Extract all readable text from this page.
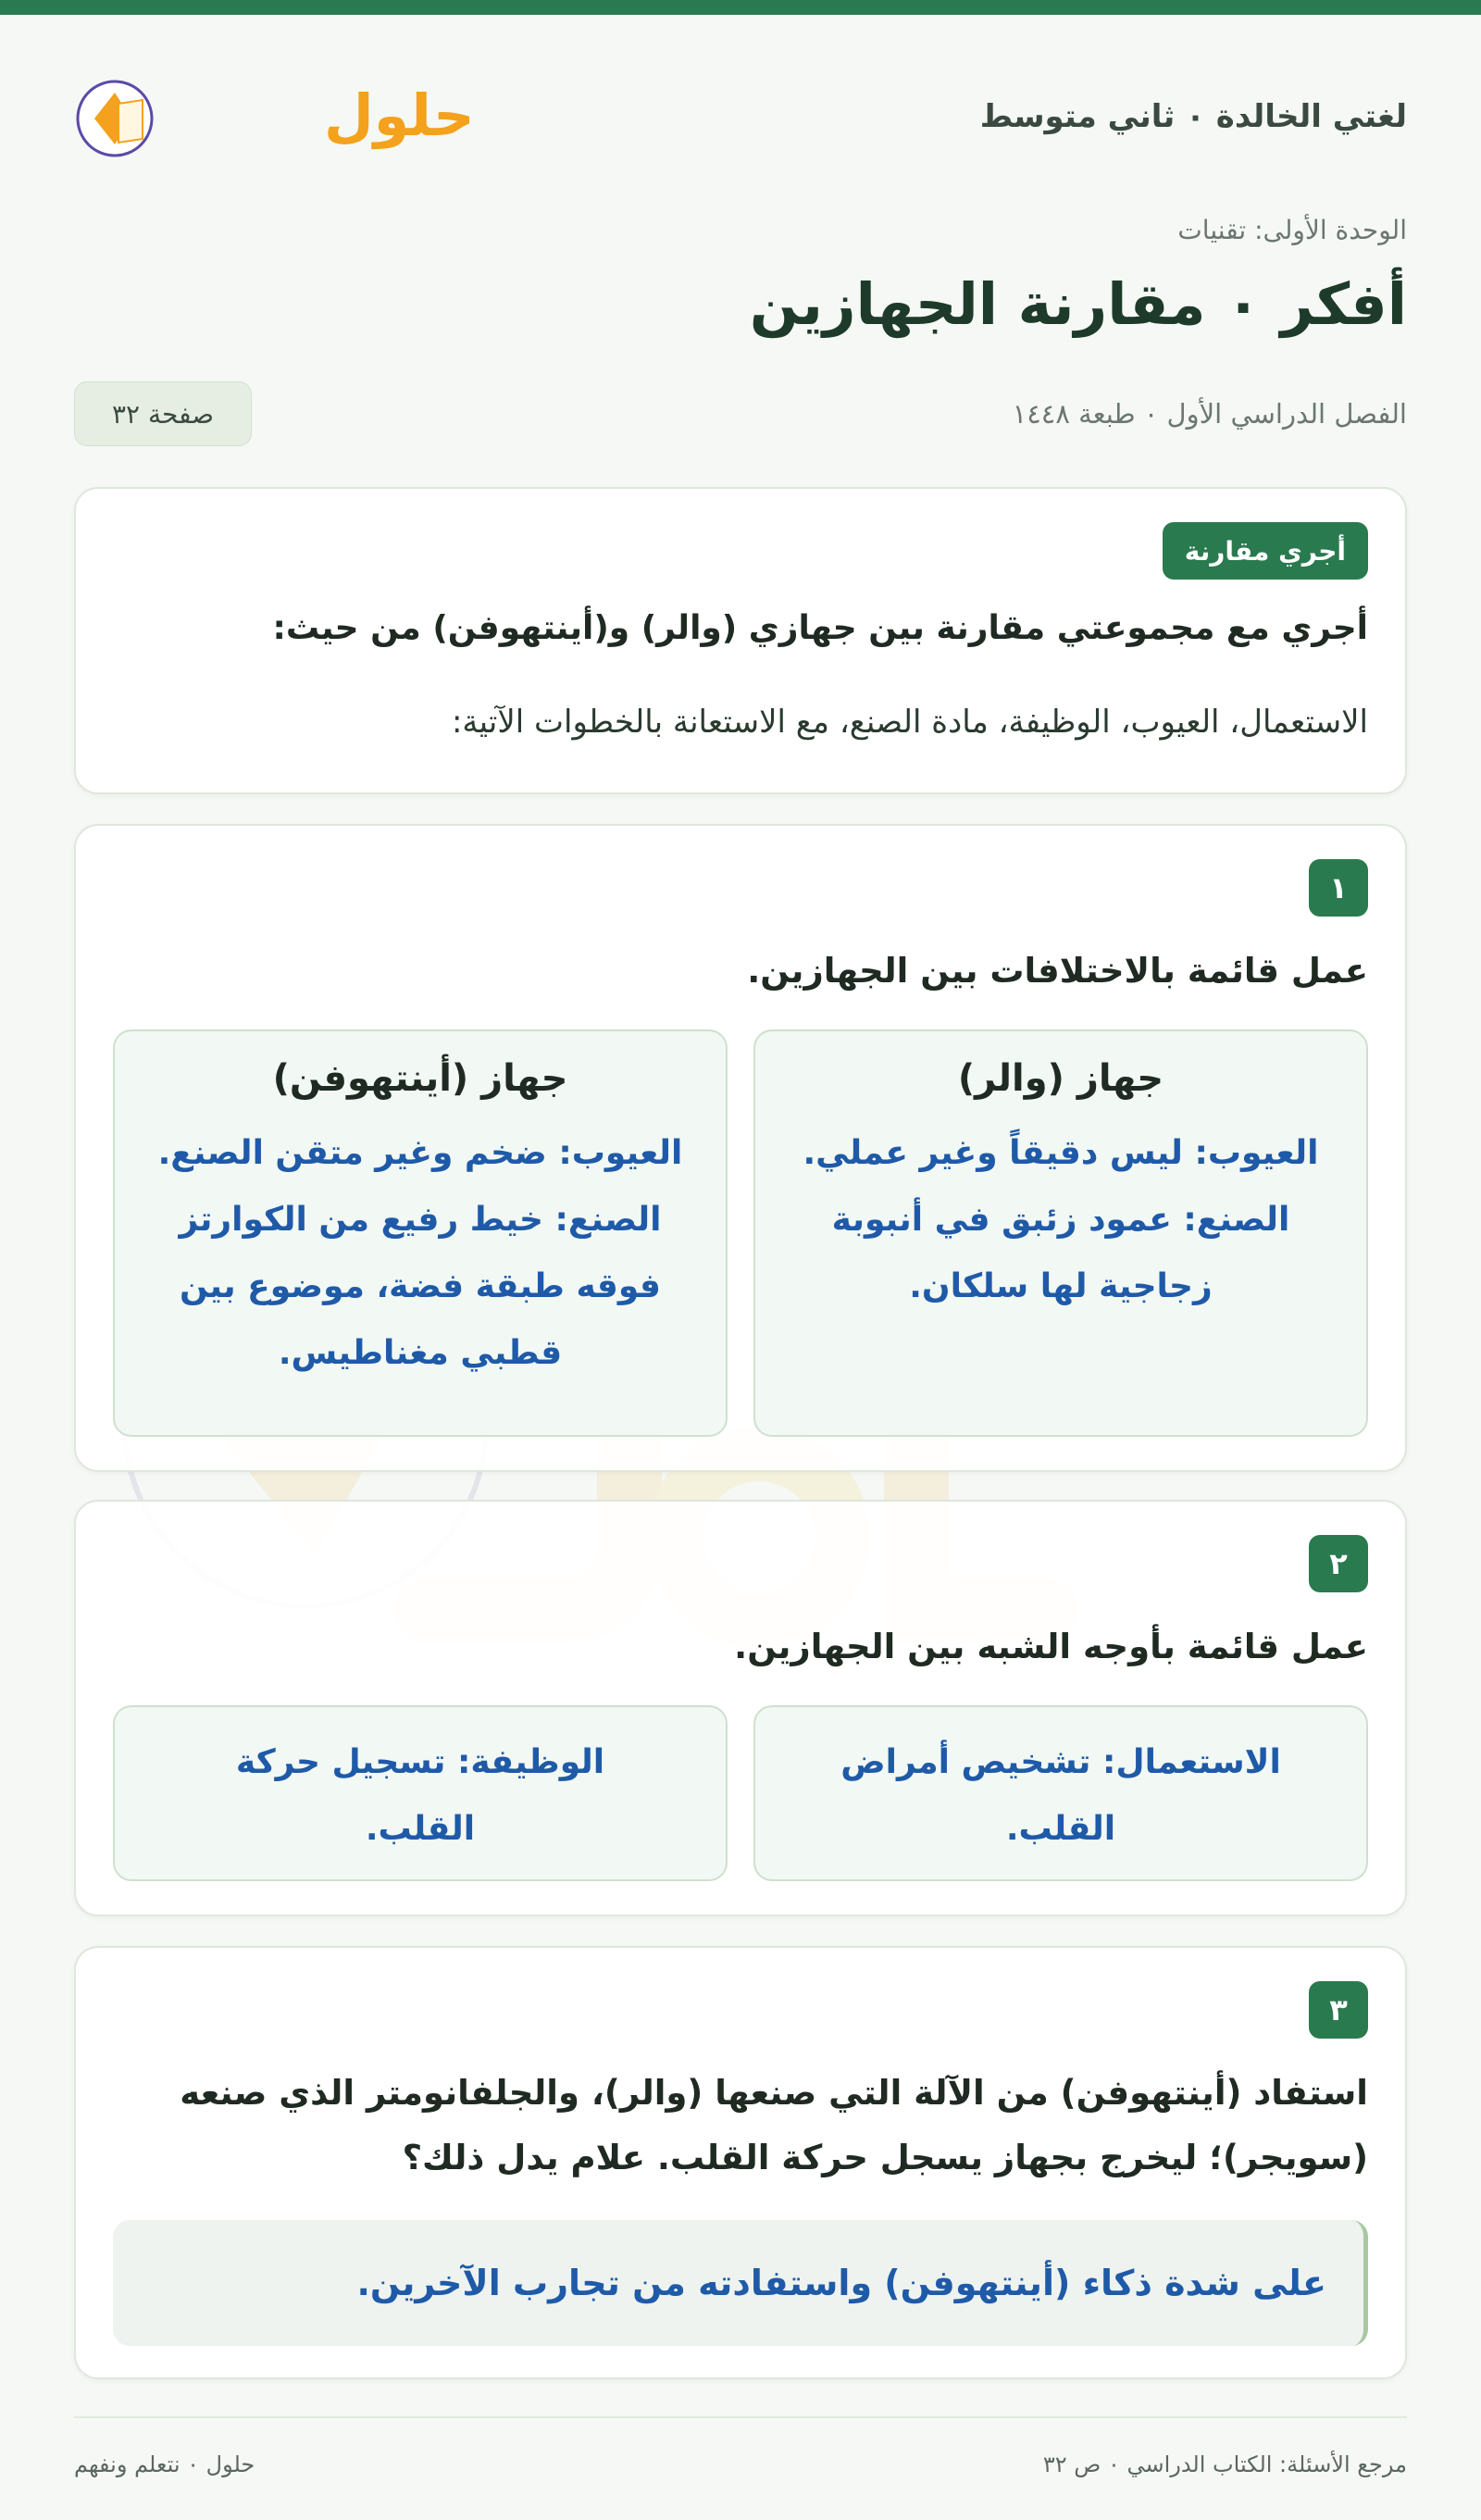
لغتي الخالدة ٠ ثاني متوسط
حلول
الوحدة الأولى: تقنيات
أفكر ٠ مقارنة الجهازين
الفصل الدراسي الأول ٠ طبعة ١٤٤٨
صفحة ٣٢
أجري مقارنة
أجري مع مجموعتي مقارنة بين جهازي (والر) و(أينتهوفن) من حيث:
الاستعمال، العيوب، الوظيفة، مادة الصنع، مع الاستعانة بالخطوات الآتية:
١
عمل قائمة بالاختلافات بين الجهازين.
جهاز (والر)
العيوب: ليس دقيقاً وغير عملي.
الصنع: عمود زئبق في أنبوبة
زجاجية لها سلكان.
جهاز (أينتهوفن)
العيوب: ضخم وغير متقن الصنع.
الصنع: خيط رفيع من الكوارتز
فوقه طبقة فضة، موضوع بين
قطبي مغناطيس.
٢
عمل قائمة بأوجه الشبه بين الجهازين.
الاستعمال: تشخيص أمراض
القلب.
الوظيفة: تسجيل حركة
القلب.
٣
استفاد (أينتهوفن) من الآلة التي صنعها (والر)، والجلفانومتر الذي صنعه
(سويجر)؛ ليخرج بجهاز يسجل حركة القلب. علام يدل ذلك؟
على شدة ذكاء (أينتهوفن) واستفادته من تجارب الآخرين.
مرجع الأسئلة: الكتاب الدراسي ٠ ص ٣٢
حلول ٠ نتعلم ونفهم
